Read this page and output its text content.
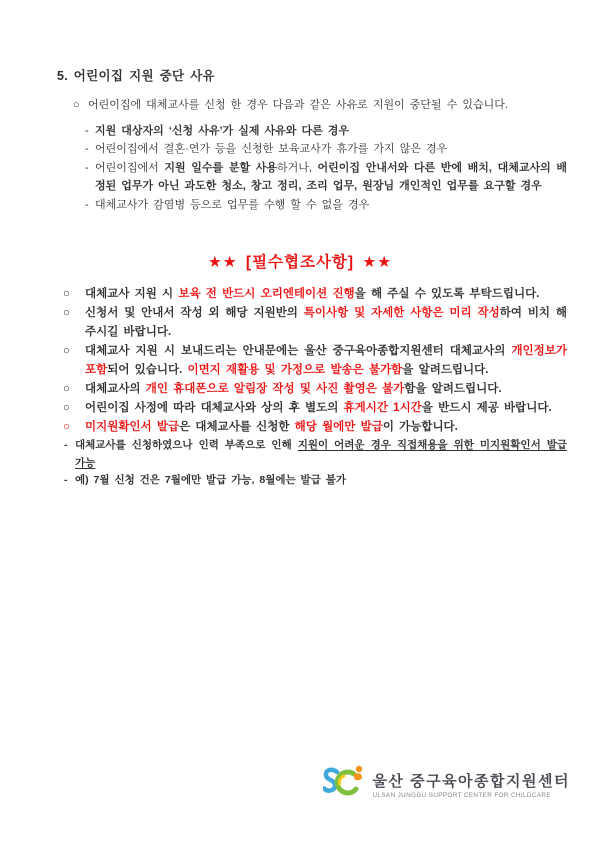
5. 어린이집 지원 중단 사유
○ 어린이집에 대체교사를 신청 한 경우 다음과 같은 사유로 지원이 중단될 수 있습니다.
- 지원 대상자의 ‘신청 사유’가 실제 사유와 다른 경우
- 어린이집에서 결혼·연가 등을 신청한 보육교사가 휴가를 가지 않은 경우
- 어린이집에서 지원 일수를 분할 사용하거나, 어린이집 안내서와 다른 반에 배치, 대체교사의 배정된 업무가 아닌 과도한 청소, 창고 정리, 조리 업무, 원장님 개인적인 업무를 요구할 경우
- 대체교사가 감염병 등으로 업무를 수행 할 수 없을 경우
★★ [필수협조사항] ★★
○ 대체교사 지원 시 보육 전 반드시 오리엔테이션 진행을 해 주실 수 있도록 부탁드립니다.
○ 신청서 및 안내서 작성 외 해당 지원반의 특이사항 및 자세한 사항은 미리 작성하여 비치 해주시길 바랍니다.
○ 대체교사 지원 시 보내드리는 안내문에는 울산 중구육아종합지원센터 대체교사의 개인정보가 포함되어 있습니다. 이면지 재활용 및 가정으로 발송은 불가함을 알려드립니다.
○ 대체교사의 개인 휴대폰으로 알림장 작성 및 사진 촬영은 불가함을 알려드립니다.
○ 어린이집 사정에 따라 대체교사와 상의 후 별도의 휴게시간 1시간을 반드시 제공 바랍니다.
○ 미지원확인서 발급은 대체교사를 신청한 해당 월에만 발급이 가능합니다.
- 대체교사를 신청하였으나 인력 부족으로 인해 지원이 어려운 경우 직접채용을 위한 미지원확인서 발급 가능
- 예) 7월 신청 건은 7월에만 발급 가능, 8월에는 발급 불가
울산 중구육아종합지원센터
ULSAN JUNGGU SUPPORT CENTER FOR CHILDCARE
